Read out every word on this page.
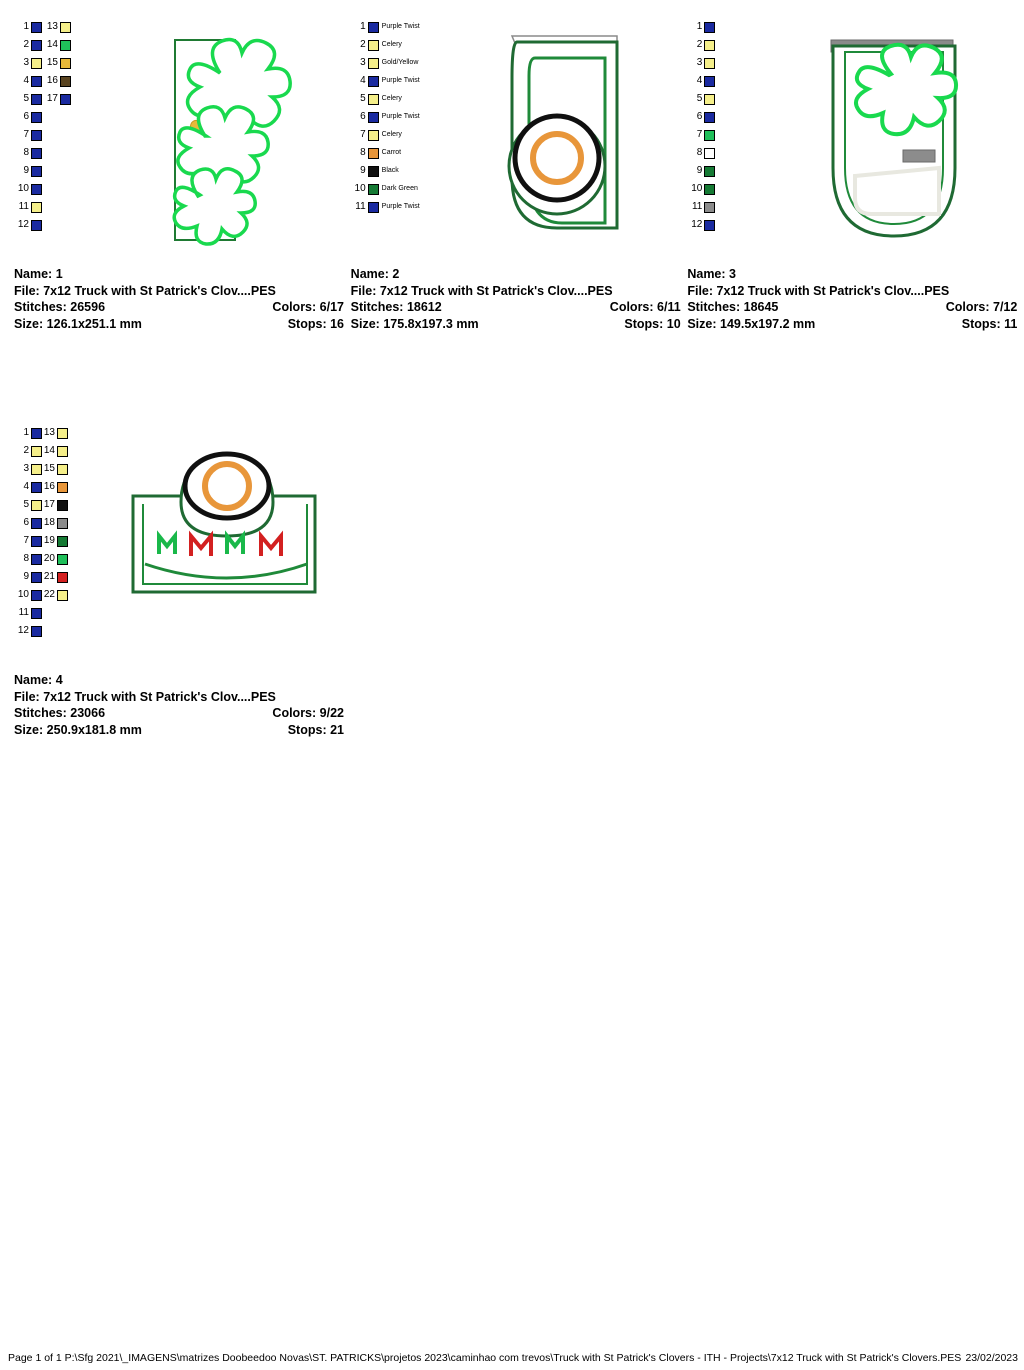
1
2
3
4
5
6
7
8
9
10
11
12
13
14
15
16
17
Name: 1
File: 7x12 Truck with St Patrick's Clov....PES
Stitches: 26596	Colors: 6/17
Size: 126.1x251.1 mm	Stops: 16
1	Purple Twist
2	Celery
3	Gold/Yellow
4	Purple Twist
5	Celery
6	Purple Twist
7	Celery
8	Carrot
9	Black
10	Dark Green
11	Purple Twist
Name: 2
File: 7x12 Truck with St Patrick's Clov....PES
Stitches: 18612	Colors: 6/11
Size: 175.8x197.3 mm	Stops: 10
1
2
3
4
5
6
7
8
9
10
11
12
Name: 3
File: 7x12 Truck with St Patrick's Clov....PES
Stitches: 18645	Colors: 7/12
Size: 149.5x197.2 mm	Stops: 11
1
2
3
4
5
6
7
8
9
10
11
12
13
14
15
16
17
18
19
20
21
22
Name: 4
File: 7x12 Truck with St Patrick's Clov....PES
Stitches: 23066	Colors: 9/22
Size: 250.9x181.8 mm	Stops: 21
Page 1 of 1 P:\Sfg 2021\_IMAGENS\matrizes Doobeedoo Novas\ST. PATRICKS\projetos 2023\caminhao com trevos\Truck with St Patrick's Clovers - ITH - Projects\7x12 Truck with St Patrick's Clovers.PES 23/02/2023
